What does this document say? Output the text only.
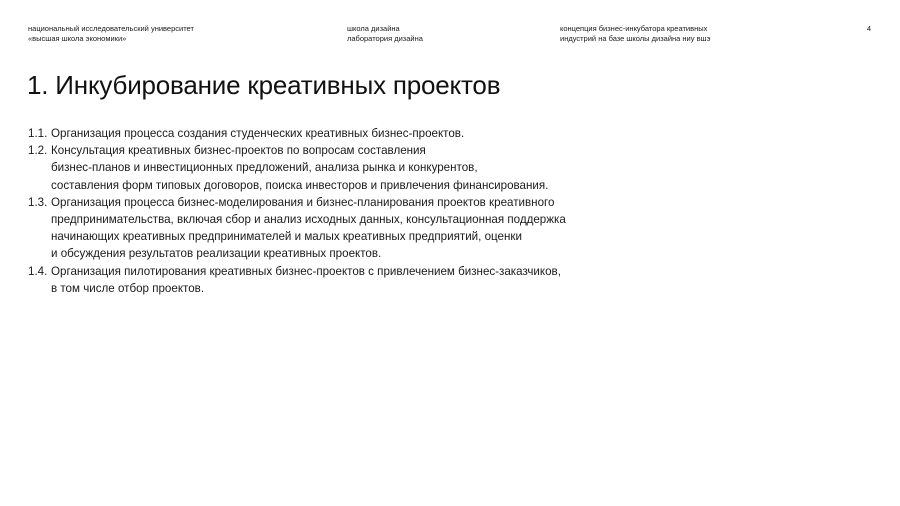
национальный исследовательский университет
«высшая школа экономики»
школа дизайна
лаборатория дизайна
концепция бизнес-инкубатора креативных
индустрий на базе школы дизайна ниу вшэ
4
1. Инкубирование креативных проектов
1.1. Организация процесса создания студенческих креативных бизнес-проектов.
1.2. Консультация креативных бизнес-проектов по вопросам составления
бизнес-планов и инвестиционных предложений, анализа рынка и конкурентов,
составления форм типовых договоров, поиска инвесторов и привлечения финансирования.
1.3. Организация процесса бизнес-моделирования и бизнес-планирования проектов креативного
предпринимательства, включая сбор и анализ исходных данных, консультационная поддержка
начинающих креативных предпринимателей и малых креативных предприятий, оценки
и обсуждения результатов реализации креативных проектов.
1.4. Организация пилотирования креативных бизнес-проектов с привлечением бизнес-заказчиков,
в том числе отбор проектов.
